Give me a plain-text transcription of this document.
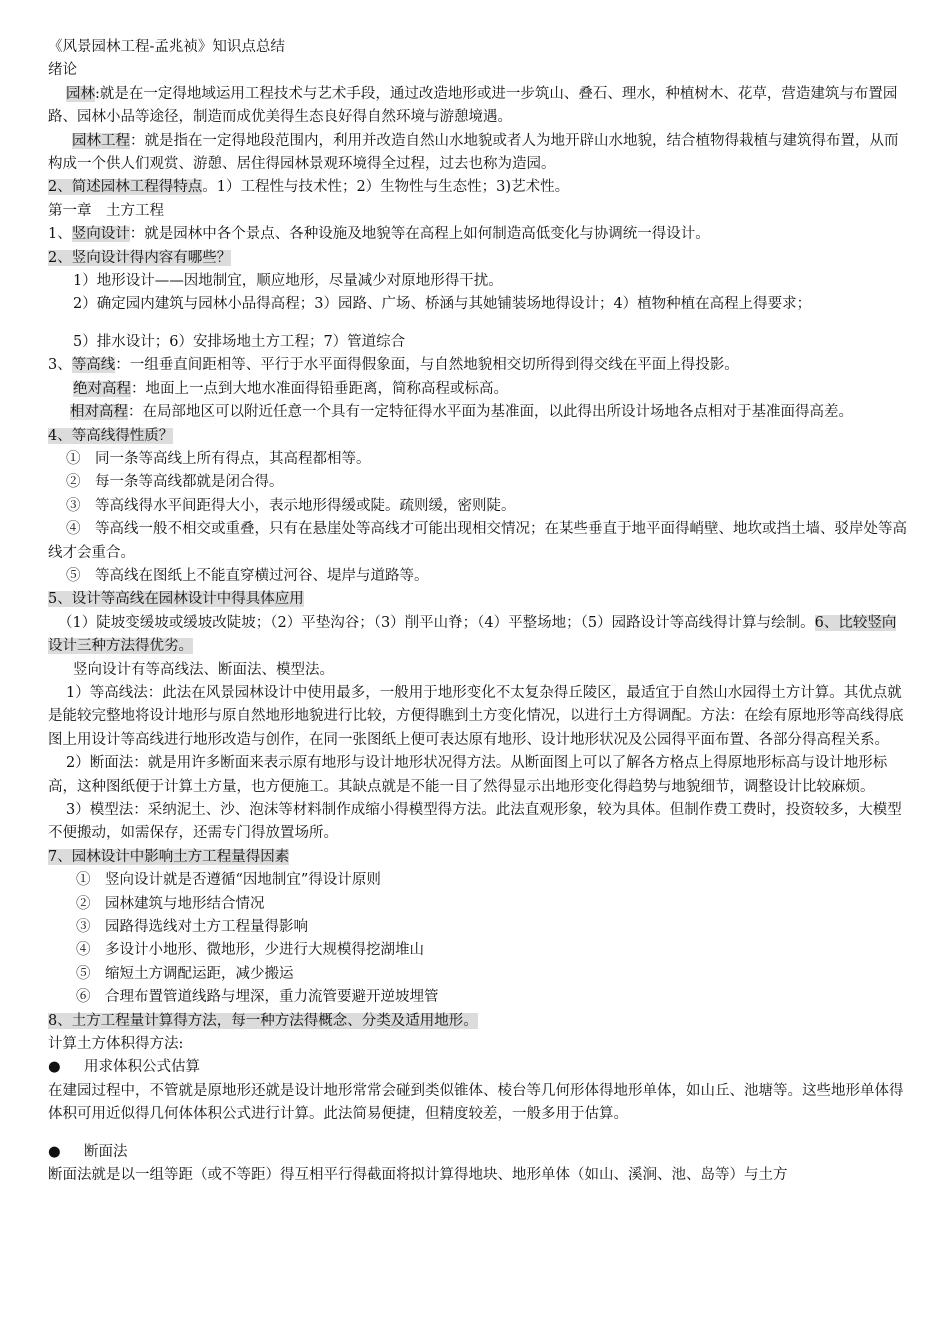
《风景园林工程-孟兆祯》知识点总结
绪论
园林:就是在一定得地域运用工程技术与艺术手段，通过改造地形或进一步筑山、叠石、理水，种植树木、花草，营造建筑与布置园路、园林小品等途径，制造而成优美得生态良好得自然环境与游憩境遇。
园林工程：就是指在一定得地段范围内，利用并改造自然山水地貌或者人为地开辟山水地貌，结合植物得栽植与建筑得布置，从而构成一个供人们观赏、游憩、居住得园林景观环境得全过程，过去也称为造园。
2、简述园林工程得特点。1）工程性与技术性；2）生物性与生态性；3)艺术性。
第一章　土方工程
1、竖向设计：就是园林中各个景点、各种设施及地貌等在高程上如何制造高低变化与协调统一得设计。
2、竖向设计得内容有哪些？
1）地形设计——因地制宜，顺应地形，尽量减少对原地形得干扰。
2）确定园内建筑与园林小品得高程；3）园路、广场、桥涵与其她铺装场地得设计；4）植物种植在高程上得要求；
5）排水设计；6）安排场地土方工程；7）管道综合
3、等高线：一组垂直间距相等、平行于水平面得假象面，与自然地貌相交切所得到得交线在平面上得投影。
绝对高程：地面上一点到大地水准面得铅垂距离，简称高程或标高。
相对高程：在局部地区可以附近任意一个具有一定特征得水平面为基准面，以此得出所设计场地各点相对于基准面得高差。
4、等高线得性质？
①　同一条等高线上所有得点，其高程都相等。
②　每一条等高线都就是闭合得。
③　等高线得水平间距得大小，表示地形得缓或陡。疏则缓，密则陡。
④　等高线一般不相交或重叠，只有在悬崖处等高线才可能出现相交情况；在某些垂直于地平面得峭壁、地坎或挡土墙、驳岸处等高线才会重合。
⑤　等高线在图纸上不能直穿横过河谷、堤岸与道路等。
5、设计等高线在园林设计中得具体应用
（1）陡坡变缓坡或缓坡改陡坡；（2）平垫沟谷；（3）削平山脊；（4）平整场地；（5）园路设计等高线得计算与绘制。6、比较竖向设计三种方法得优劣。
竖向设计有等高线法、断面法、模型法。
1）等高线法：此法在风景园林设计中使用最多，一般用于地形变化不太复杂得丘陵区，最适宜于自然山水园得土方计算。其优点就是能较完整地将设计地形与原自然地形地貌进行比较，方便得瞧到土方变化情况，以进行土方得调配。方法：在绘有原地形等高线得底图上用设计等高线进行地形改造与创作，在同一张图纸上便可表达原有地形、设计地形状况及公园得平面布置、各部分得高程关系。
2）断面法：就是用许多断面来表示原有地形与设计地形状况得方法。从断面图上可以了解各方格点上得原地形标高与设计地形标高，这种图纸便于计算土方量，也方便施工。其缺点就是不能一目了然得显示出地形变化得趋势与地貌细节，调整设计比较麻烦。
3）模型法：采纳泥土、沙、泡沫等材料制作成缩小得模型得方法。此法直观形象，较为具体。但制作费工费时，投资较多，大模型不便搬动，如需保存，还需专门得放置场所。
7、园林设计中影响土方工程量得因素
①　竖向设计就是否遵循“因地制宜”得设计原则
②　园林建筑与地形结合情况
③　园路得选线对土方工程量得影响
④　多设计小地形、微地形，少进行大规模得挖湖堆山
⑤　缩短土方调配运距，减少搬运
⑥　合理布置管道线路与埋深，重力流管要避开逆坡埋管
8、土方工程量计算得方法，每一种方法得概念、分类及适用地形。
计算土方体积得方法:
● 用求体积公式估算
在建园过程中，不管就是原地形还就是设计地形常常会碰到类似锥体、棱台等几何形体得地形单体，如山丘、池塘等。这些地形单体得体积可用近似得几何体体积公式进行计算。此法简易便捷，但精度较差，一般多用于估算。
● 断面法
断面法就是以一组等距（或不等距）得互相平行得截面将拟计算得地块、地形单体（如山、溪涧、池、岛等）与土方
